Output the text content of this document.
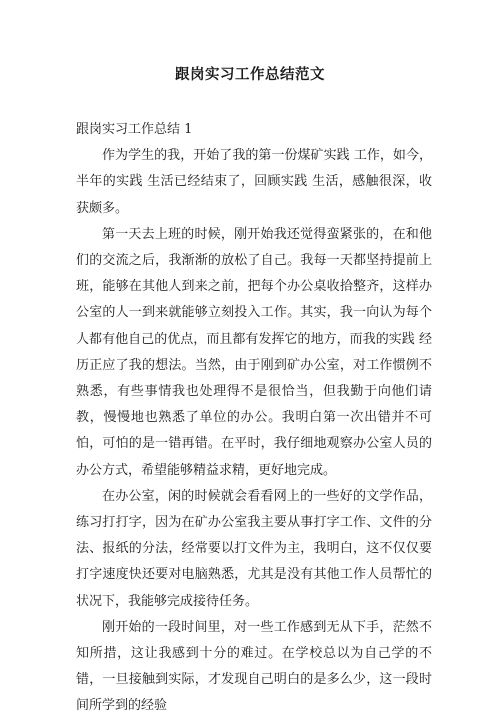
跟岗实习工作总结范文

跟岗实习工作总结 1

作为学生的我，开始了我的第一份煤矿实践 工作，如今，半年的实践 生活已经结束了，回顾实践 生活，感触很深，收获颇多。

第一天去上班的时候，刚开始我还觉得蛮紧张的，在和他们的交流之后，我渐渐的放松了自己。我每一天都坚持提前上班，能够在其他人到来之前，把每个办公桌收拾整齐，这样办公室的人一到来就能够立刻投入工作。其实，我一向认为每个人都有他自己的优点，而且都有发挥它的地方，而我的实践 经历正应了我的想法。当然，由于刚到矿办公室，对工作惯例不熟悉，有些事情我也处理得不是很恰当，但我勤于向他们请教，慢慢地也熟悉了单位的办公。我明白第一次出错并不可怕，可怕的是一错再错。在平时，我仔细地观察办公室人员的办公方式，希望能够精益求精，更好地完成。

在办公室，闲的时候就会看看网上的一些好的文学作品，练习打打字，因为在矿办公室我主要从事打字工作、文件的分法、报纸的分法，经常要以打文件为主，我明白，这不仅仅要打字速度快还要对电脑熟悉，尤其是没有其他工作人员帮忙的状况下，我能够完成接待任务。

刚开始的一段时间里，对一些工作感到无从下手，茫然不知所措，这让我感到十分的难过。在学校总以为自己学的不错，一旦接触到实际，才发现自己明白的是多么少，这一段时间所学到的经验
